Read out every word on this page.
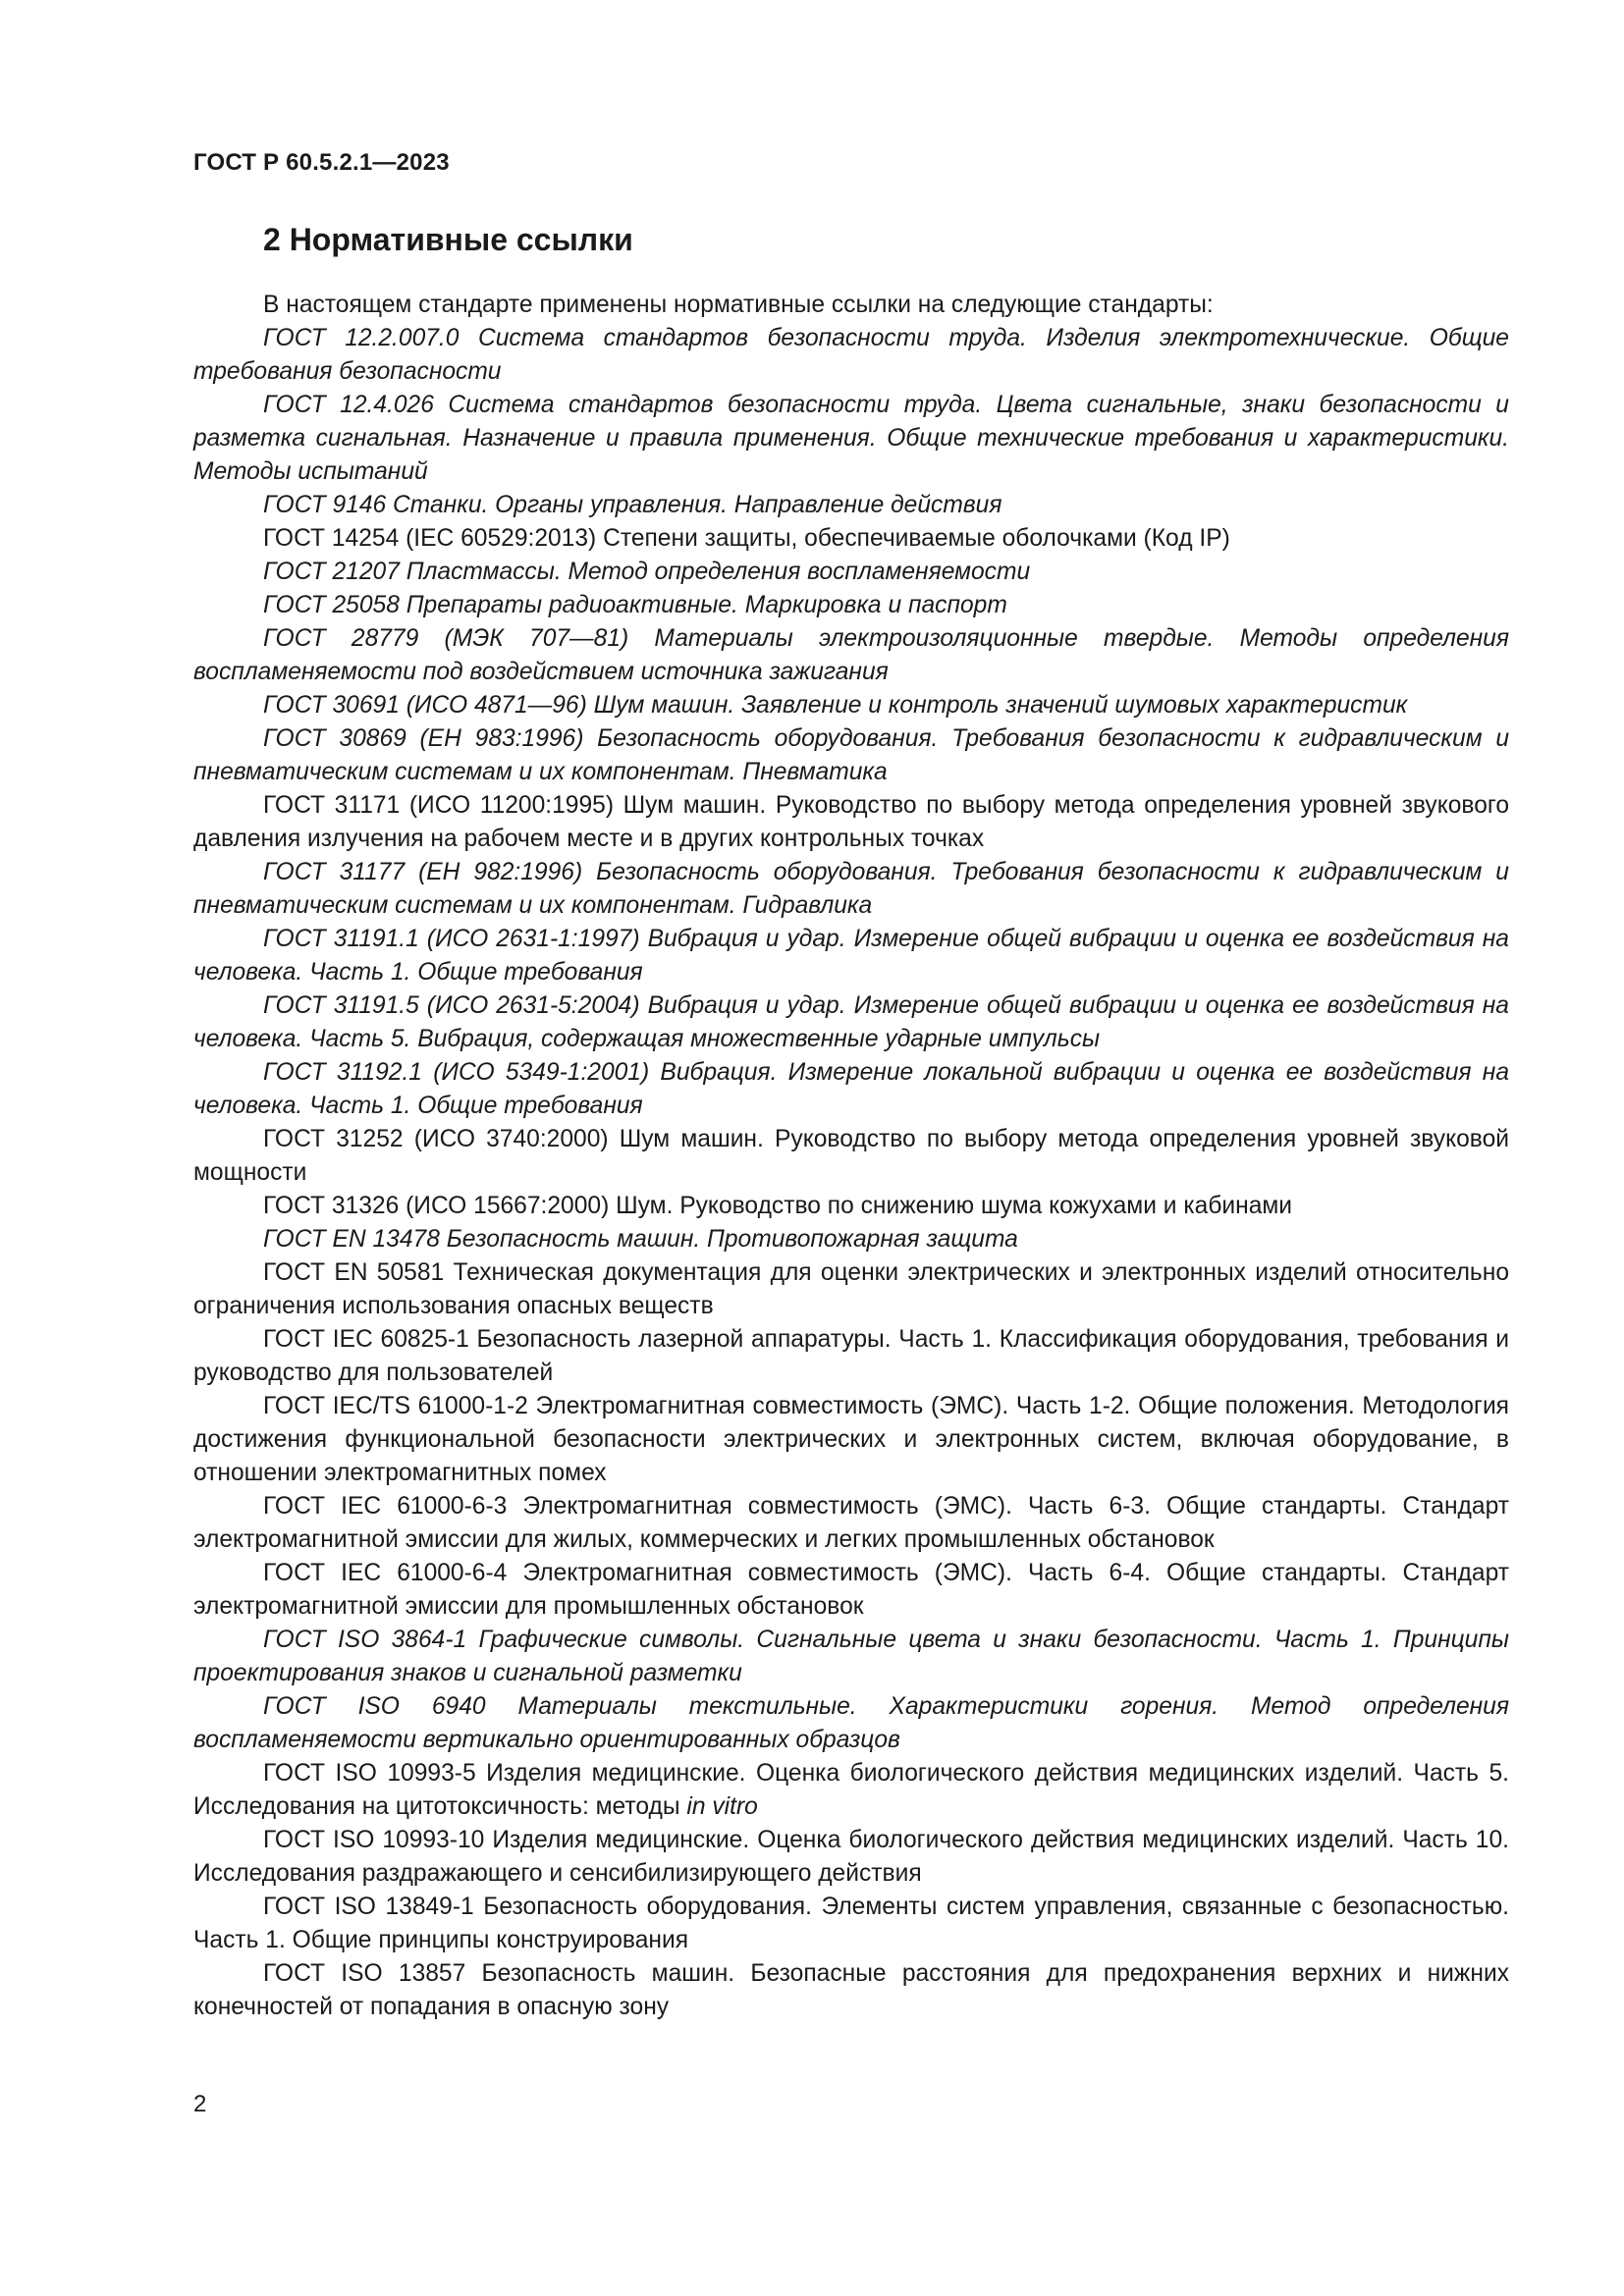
ГОСТ Р 60.5.2.1—2023
2 Нормативные ссылки

В настоящем стандарте применены нормативные ссылки на следующие стандарты:

ГОСТ 12.2.007.0 Система стандартов безопасности труда. Изделия электротехнические. Общие требования безопасности

ГОСТ 12.4.026 Система стандартов безопасности труда. Цвета сигнальные, знаки безопасности и разметка сигнальная. Назначение и правила применения. Общие технические требования и характеристики. Методы испытаний

ГОСТ 9146 Станки. Органы управления. Направление действия

ГОСТ 14254 (IEC 60529:2013) Степени защиты, обеспечиваемые оболочками (Код IP)

ГОСТ 21207 Пластмассы. Метод определения воспламеняемости

ГОСТ 25058 Препараты радиоактивные. Маркировка и паспорт

ГОСТ 28779 (МЭК 707—81) Материалы электроизоляционные твердые. Методы определения воспламеняемости под воздействием источника зажигания

ГОСТ 30691 (ИСО 4871—96) Шум машин. Заявление и контроль значений шумовых характеристик

ГОСТ 30869 (ЕН 983:1996) Безопасность оборудования. Требования безопасности к гидравлическим и пневматическим системам и их компонентам. Пневматика

ГОСТ 31171 (ИСО 11200:1995) Шум машин. Руководство по выбору метода определения уровней звукового давления излучения на рабочем месте и в других контрольных точках

ГОСТ 31177 (ЕН 982:1996) Безопасность оборудования. Требования безопасности к гидравлическим и пневматическим системам и их компонентам. Гидравлика

ГОСТ 31191.1 (ИСО 2631-1:1997) Вибрация и удар. Измерение общей вибрации и оценка ее воздействия на человека. Часть 1. Общие требования

ГОСТ 31191.5 (ИСО 2631-5:2004) Вибрация и удар. Измерение общей вибрации и оценка ее воздействия на человека. Часть 5. Вибрация, содержащая множественные ударные импульсы

ГОСТ 31192.1 (ИСО 5349-1:2001) Вибрация. Измерение локальной вибрации и оценка ее воздействия на человека. Часть 1. Общие требования

ГОСТ 31252 (ИСО 3740:2000) Шум машин. Руководство по выбору метода определения уровней звуковой мощности

ГОСТ 31326 (ИСО 15667:2000) Шум. Руководство по снижению шума кожухами и кабинами

ГОСТ EN 13478 Безопасность машин. Противопожарная защита

ГОСТ EN 50581 Техническая документация для оценки электрических и электронных изделий относительно ограничения использования опасных веществ

ГОСТ IEC 60825-1 Безопасность лазерной аппаратуры. Часть 1. Классификация оборудования, требования и руководство для пользователей

ГОСТ IEC/TS 61000-1-2 Электромагнитная совместимость (ЭМС). Часть 1-2. Общие положения. Методология достижения функциональной безопасности электрических и электронных систем, включая оборудование, в отношении электромагнитных помех

ГОСТ IEC 61000-6-3 Электромагнитная совместимость (ЭМС). Часть 6-3. Общие стандарты. Стандарт электромагнитной эмиссии для жилых, коммерческих и легких промышленных обстановок

ГОСТ IEC 61000-6-4 Электромагнитная совместимость (ЭМС). Часть 6-4. Общие стандарты. Стандарт электромагнитной эмиссии для промышленных обстановок

ГОСТ ISO 3864-1 Графические символы. Сигнальные цвета и знаки безопасности. Часть 1. Принципы проектирования знаков и сигнальной разметки

ГОСТ ISO 6940 Материалы текстильные. Характеристики горения. Метод определения воспламеняемости вертикально ориентированных образцов

ГОСТ ISO 10993-5 Изделия медицинские. Оценка биологического действия медицинских изделий. Часть 5. Исследования на цитотоксичность: методы in vitro

ГОСТ ISO 10993-10 Изделия медицинские. Оценка биологического действия медицинских изделий. Часть 10. Исследования раздражающего и сенсибилизирующего действия

ГОСТ ISO 13849-1 Безопасность оборудования. Элементы систем управления, связанные с безопасностью. Часть 1. Общие принципы конструирования

ГОСТ ISO 13857 Безопасность машин. Безопасные расстояния для предохранения верхних и нижних конечностей от попадания в опасную зону

2
